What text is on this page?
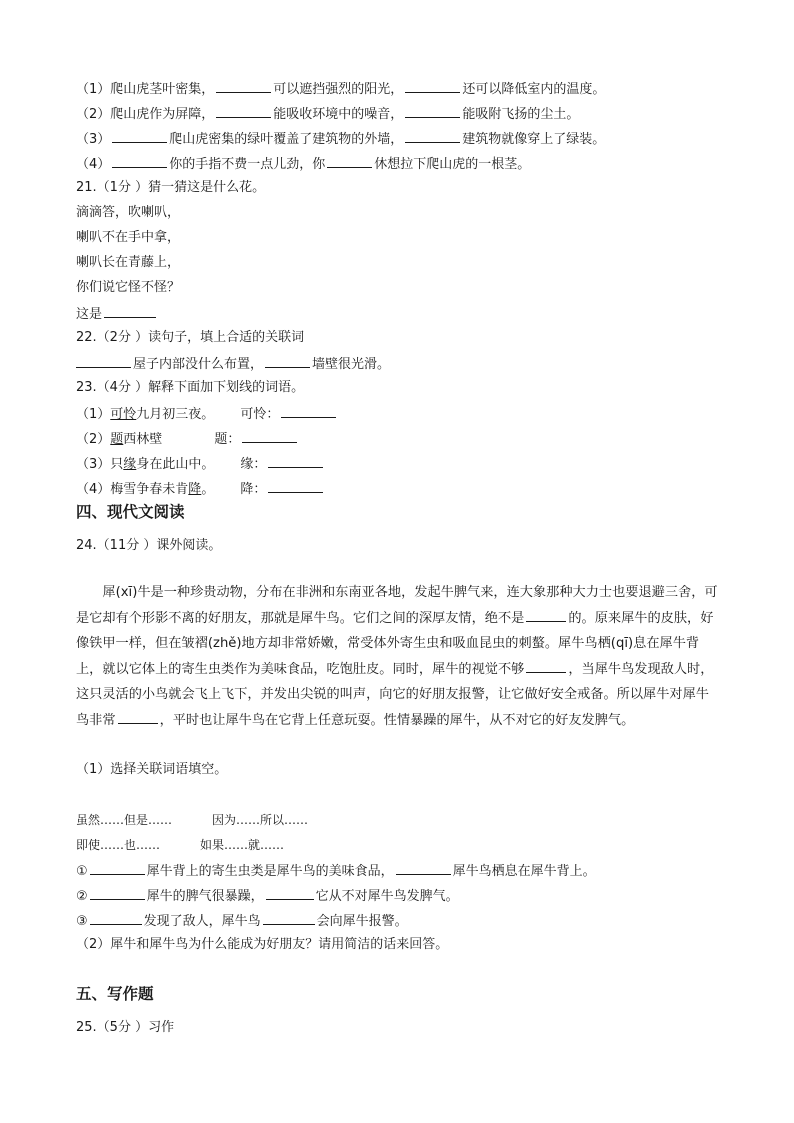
（1）爬山虎茎叶密集，	可以遮挡强烈的阳光，	还可以降低室内的温度。
（2）爬山虎作为屏障，	能吸收环境中的噪音，	能吸附飞扬的尘土。
（3）	爬山虎密集的绿叶覆盖了建筑物的外墙，	建筑物就像穿上了绿装。
（4）	你的手指不费一点儿劲，你	休想拉下爬山虎的一根茎。
21.（1分 ）猜一猜这是什么花。
滴滴答，吹喇叭，
喇叭不在手中拿，
喇叭长在青藤上，
你们说它怪不怪？
这是
22.（2分 ）读句子，填上合适的关联词
屋子内部没什么布置，	墙壁很光滑。
23.（4分 ）解释下面加下划线的词语。
（1）可怜九月初三夜。 可怜：
（2）题西林壁	题：
（3）只缘身在此山中。 缘：
（4）梅雪争春未肯降。 降：
四、现代文阅读
24.（11分 ）课外阅读。
犀(xī)牛是一种珍贵动物，分布在非洲和东南亚各地，发起牛脾气来，连大象那种大力士也要退避三舍，可是它却有个形影不离的好朋友，那就是犀牛鸟。它们之间的深厚友情，绝不是	的。原来犀牛的皮肤，好像铁甲一样，但在皱褶(zhě)地方却非常娇嫩，常受体外寄生虫和吸血昆虫的刺螯。犀牛鸟栖(qī)息在犀牛背上，就以它体上的寄生虫类作为美味食品，吃饱肚皮。同时，犀牛的视觉不够	，当犀牛鸟发现敌人时，这只灵活的小鸟就会飞上飞下，并发出尖锐的叫声，向它的好朋友报警，让它做好安全戒备。所以犀牛对犀牛鸟非常	，平时也让犀牛鸟在它背上任意玩耍。性情暴躁的犀牛，从不对它的好友发脾气。
（1）选择关联词语填空。
虽然……但是……	因为……所以……
即使……也……	如果……就……
①	犀牛背上的寄生虫类是犀牛鸟的美味食品，	犀牛鸟栖息在犀牛背上。
②	犀牛的脾气很暴躁，	它从不对犀牛鸟发脾气。
③	发现了敌人，犀牛鸟	会向犀牛报警。
（2）犀牛和犀牛鸟为什么能成为好朋友？请用简洁的话来回答。
五、写作题
25.（5分 ）习作
